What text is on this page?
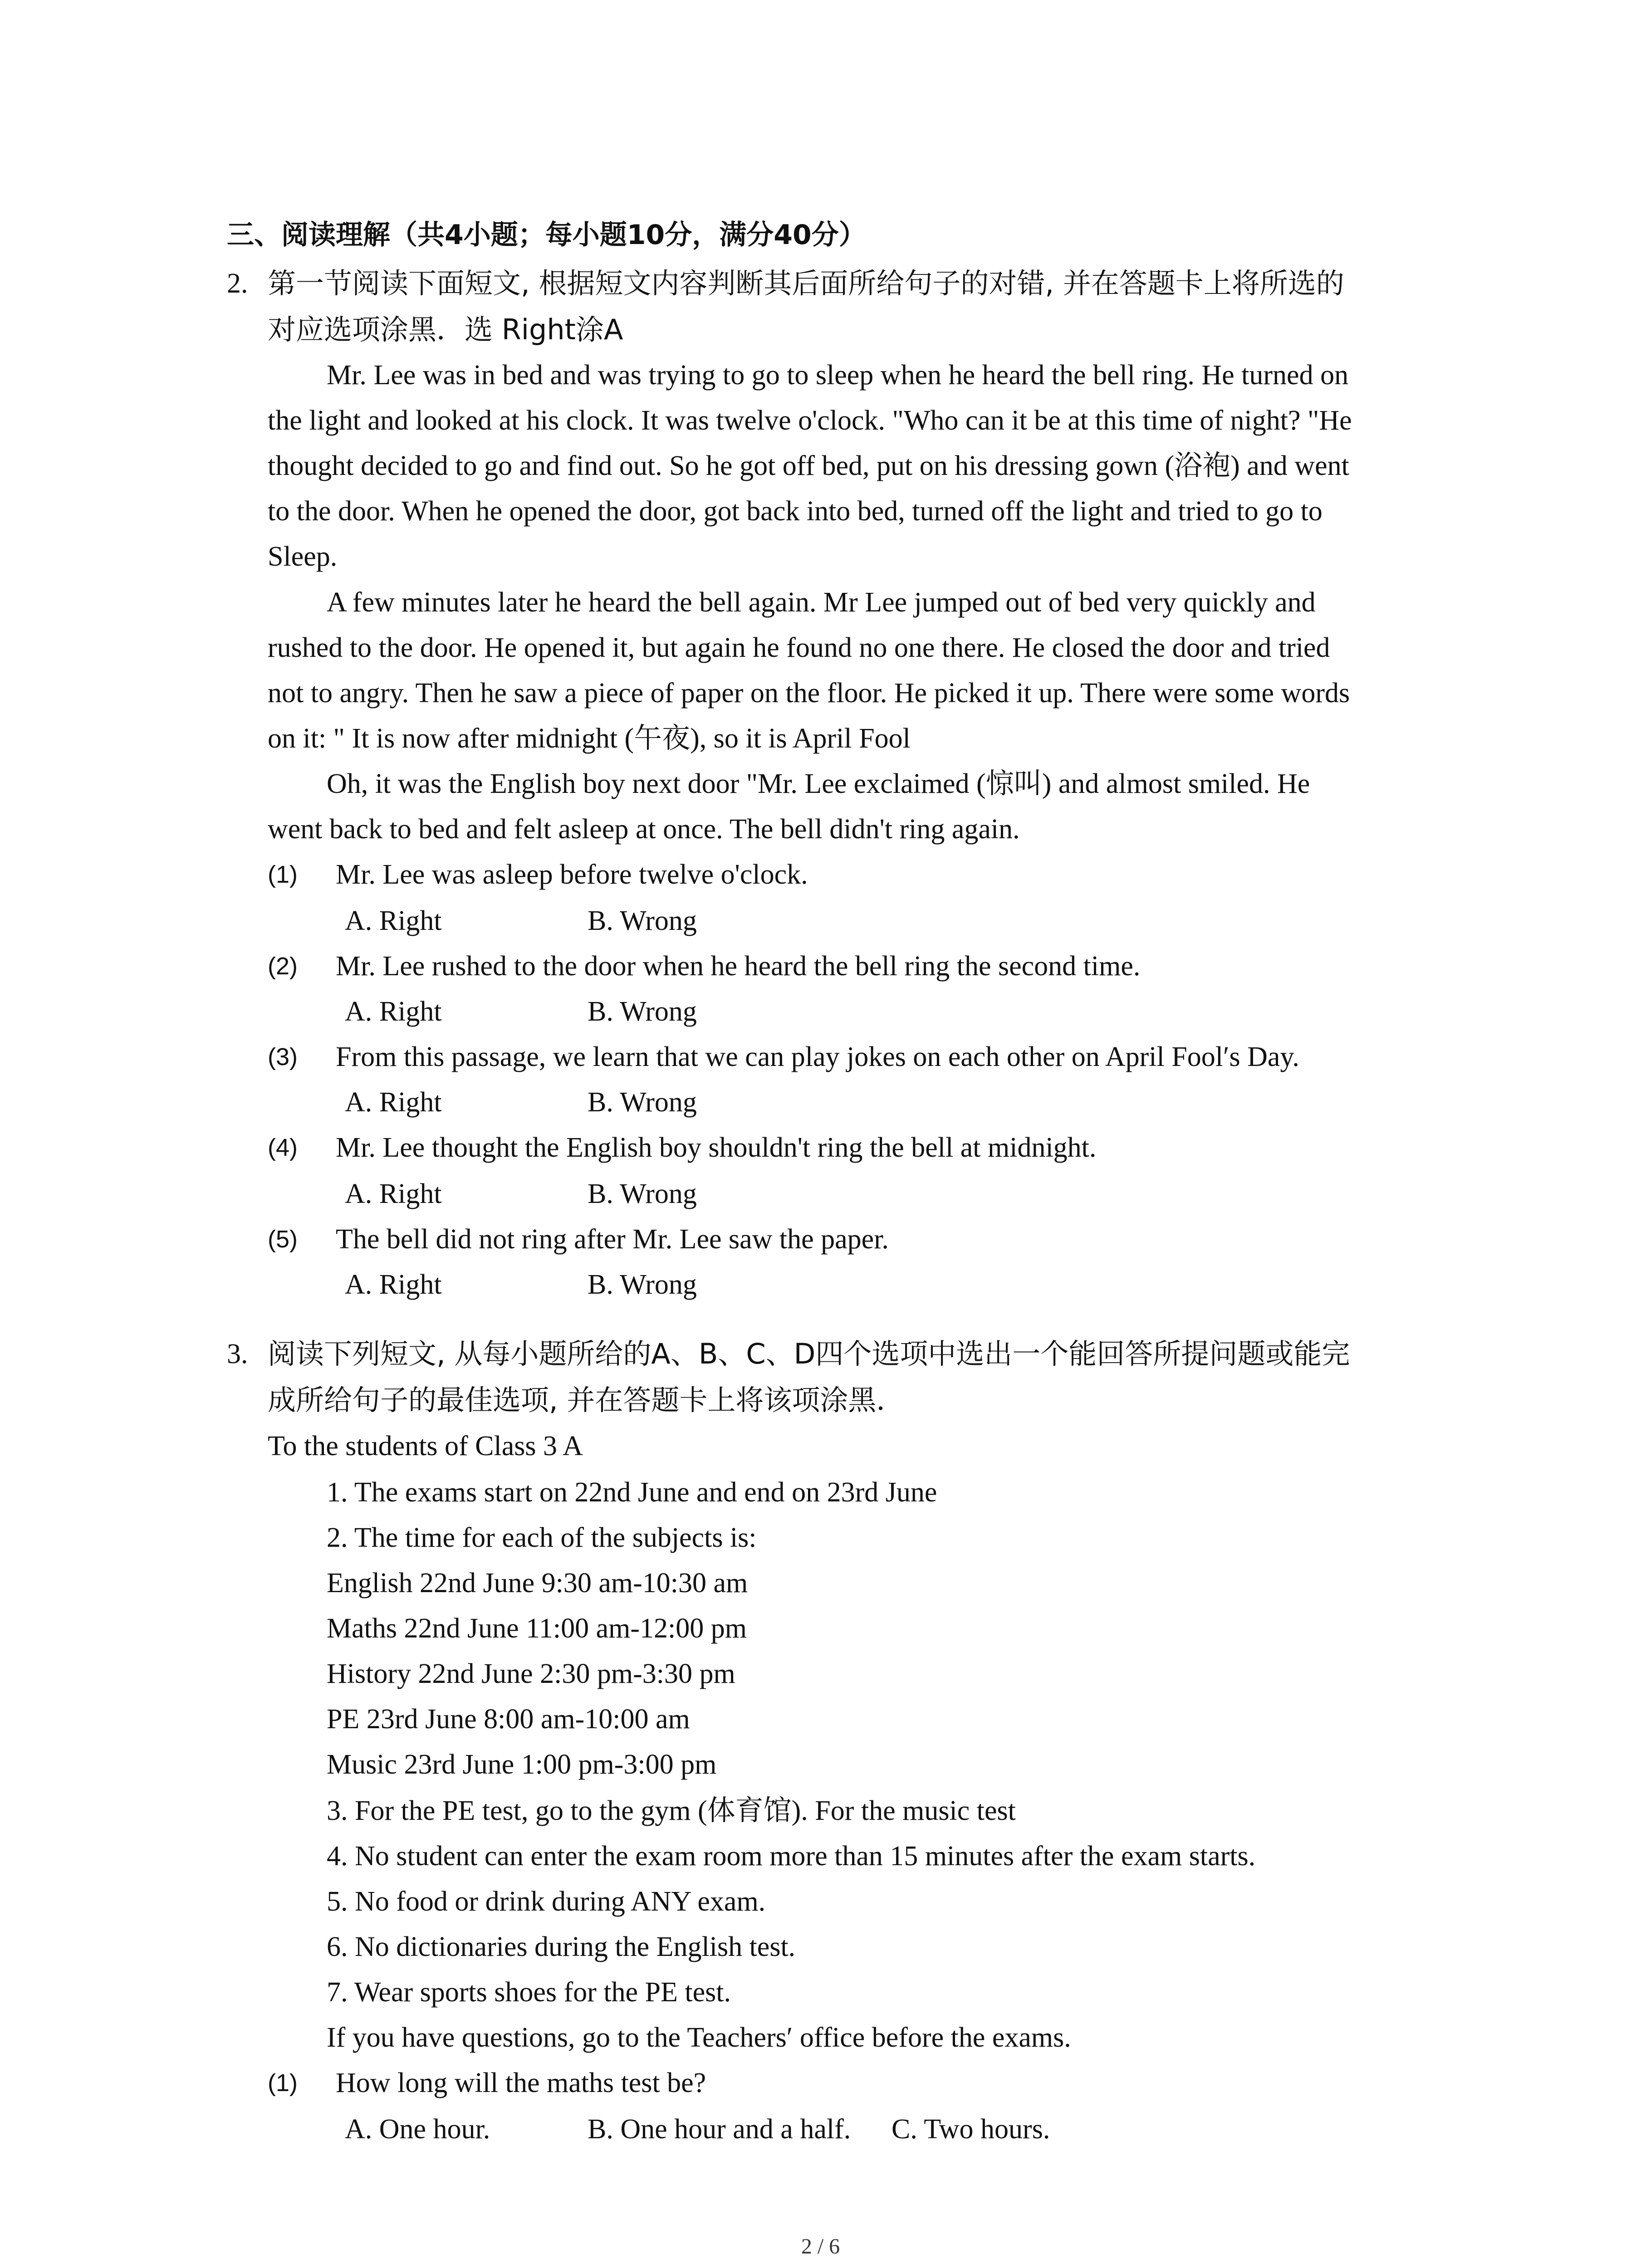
三、阅读理解（共4小题；每小题10分，满分40分）
2. 第一节阅读下面短文, 根据短文内容判断其后面所给句子的对错, 并在答题卡上将所选的
对应选项涂黑．选 Right涂A
Mr. Lee was in bed and was trying to go to sleep when he heard the bell ring. He turned on
the light and looked at his clock. It was twelve o'clock. "Who can it be at this time of night? "He
thought decided to go and find out. So he got off bed, put on his dressing gown (浴袍) and went
to the door. When he opened the door, got back into bed, turned off the light and tried to go to
Sleep.
A few minutes later he heard the bell again. Mr Lee jumped out of bed very quickly and
rushed to the door. He opened it, but again he found no one there. He closed the door and tried
not to angry. Then he saw a piece of paper on the floor. He picked it up. There were some words
on it: " It is now after midnight (午夜), so it is April Fool
Oh, it was the English boy next door "Mr. Lee exclaimed (惊叫) and almost smiled. He
went back to bed and felt asleep at once. The bell didn't ring again.
(1) Mr. Lee was asleep before twelve o'clock.
A. Right	B. Wrong
(2) Mr. Lee rushed to the door when he heard the bell ring the second time.
A. Right	B. Wrong
(3) From this passage, we learn that we can play jokes on each other on April Fool′s Day.
A. Right	B. Wrong
(4) Mr. Lee thought the English boy shouldn't ring the bell at midnight.
A. Right	B. Wrong
(5) The bell did not ring after Mr. Lee saw the paper.
A. Right	B. Wrong
3. 阅读下列短文, 从每小题所给的A、B、C、D四个选项中选出一个能回答所提问题或能完
成所给句子的最佳选项, 并在答题卡上将该项涂黑．
To the students of Class 3 A
1. The exams start on 22nd June and end on 23rd June
2. The time for each of the subjects is:
English 22nd June 9:30 am-10:30 am
Maths 22nd June 11:00 am-12:00 pm
History 22nd June 2:30 pm-3:30 pm
PE 23rd June 8:00 am-10:00 am
Music 23rd June 1:00 pm-3:00 pm
3. For the PE test, go to the gym (体育馆). For the music test
4. No student can enter the exam room more than 15 minutes after the exam starts.
5. No food or drink during ANY exam.
6. No dictionaries during the English test.
7. Wear sports shoes for the PE test.
If you have questions, go to the Teachers′ office before the exams.
(1) How long will the maths test be?
A. One hour.	B. One hour and a half. C. Two hours.
2 / 6
